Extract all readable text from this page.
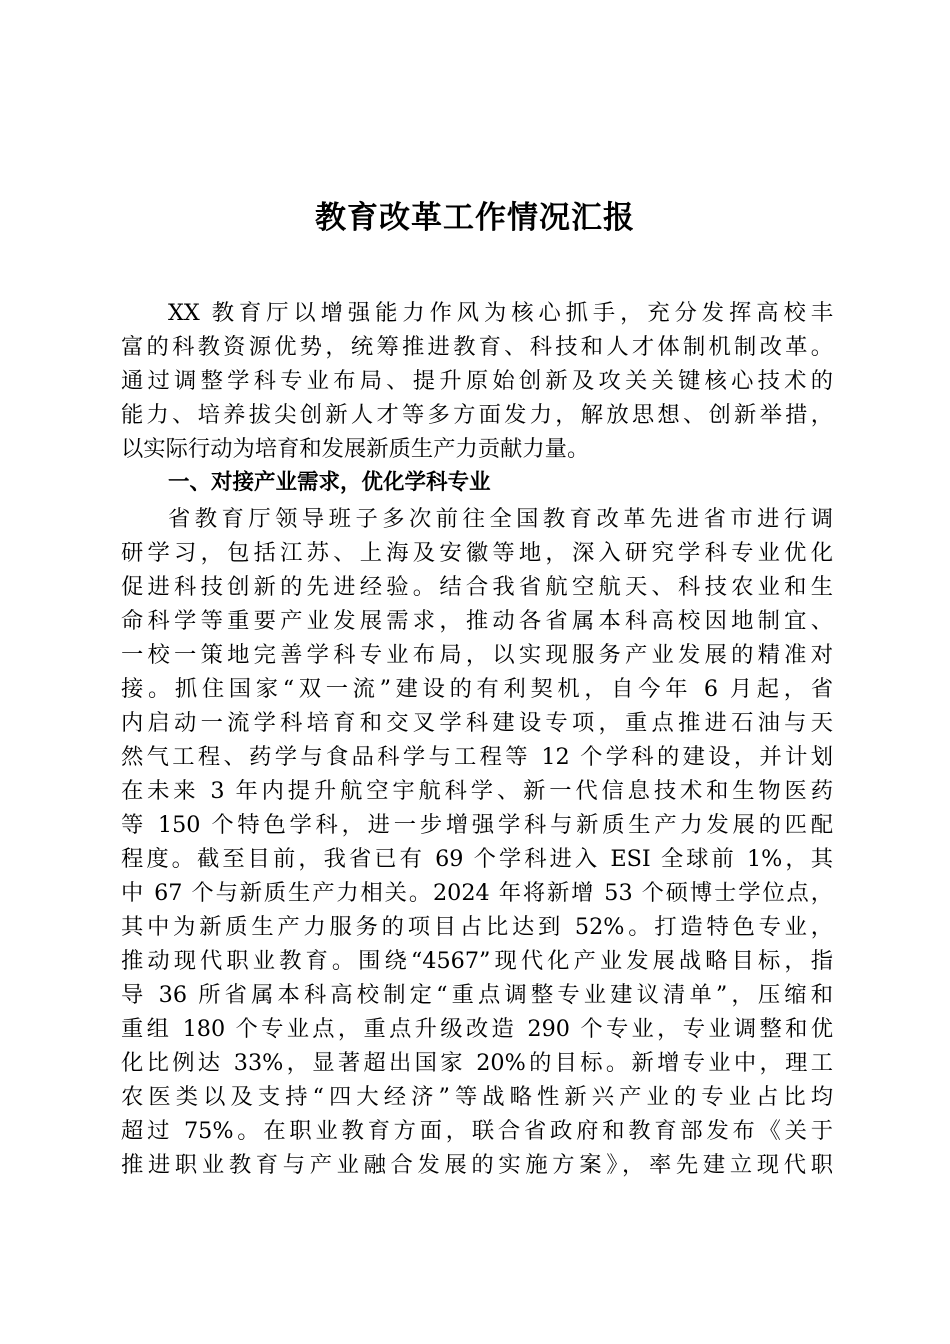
教育改革工作情况汇报

XX 教育厅以增强能力作风为核心抓手，充分发挥高校丰

富的科教资源优势，统筹推进教育、科技和人才体制机制改革。

通过调整学科专业布局、提升原始创新及攻关关键核心技术的

能力、培养拔尖创新人才等多方面发力，解放思想、创新举措，

以实际行动为培育和发展新质生产力贡献力量。

一、对接产业需求，优化学科专业

省教育厅领导班子多次前往全国教育改革先进省市进行调

研学习，包括江苏、上海及安徽等地，深入研究学科专业优化

促进科技创新的先进经验。结合我省航空航天、科技农业和生

命科学等重要产业发展需求，推动各省属本科高校因地制宜、

一校一策地完善学科专业布局，以实现服务产业发展的精准对

接。抓住国家“双一流”建设的有利契机，自今年 6 月起，省

内启动一流学科培育和交叉学科建设专项，重点推进石油与天

然气工程、药学与食品科学与工程等 12 个学科的建设，并计划

在未来 3 年内提升航空宇航科学、新一代信息技术和生物医药

等 150 个特色学科，进一步增强学科与新质生产力发展的匹配

程度。截至目前，我省已有 69 个学科进入 ESI 全球前 1%，其

中 67 个与新质生产力相关。2024 年将新增 53 个硕博士学位点，

其中为新质生产力服务的项目占比达到 52%。打造特色专业，

推动现代职业教育。围绕“4567”现代化产业发展战略目标，指

导 36 所省属本科高校制定“重点调整专业建议清单”，压缩和

重组 180 个专业点，重点升级改造 290 个专业，专业调整和优

化比例达 33%，显著超出国家 20%的目标。新增专业中，理工

农医类以及支持“四大经济”等战略性新兴产业的专业占比均

超过 75%。在职业教育方面，联合省政府和教育部发布《关于

推进职业教育与产业融合发展的实施方案》，率先建立现代职
